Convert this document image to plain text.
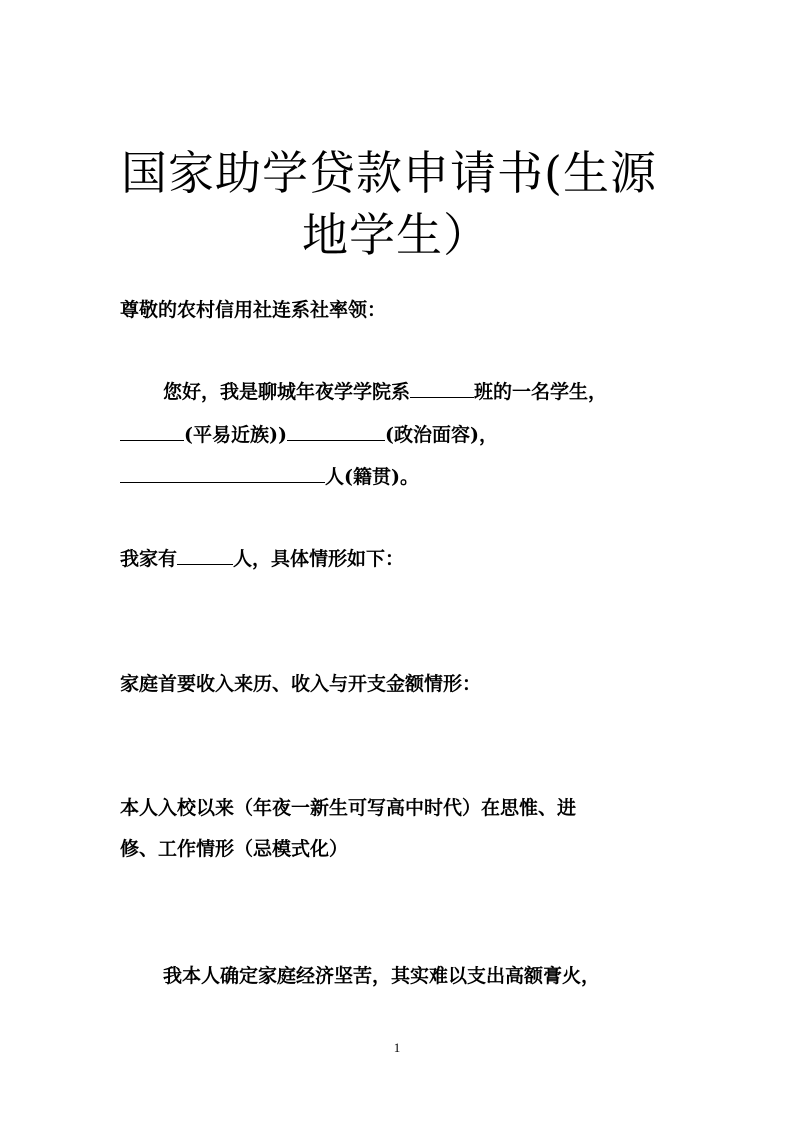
国家助学贷款申请书(生源
地学生）
尊敬的农村信用社连系社率领：
您好，我是聊城年夜学学院系	班的一名学生，
(平易近族))	(政治面容)，
人(籍贯)。
我家有	人，具体情形如下：
家庭首要收入来历、收入与开支金额情形：
本人入校以来（年夜一新生可写高中时代）在思惟、进
修、工作情形（忌模式化）
我本人确定家庭经济坚苦，其实难以支出高额膏火，
1
